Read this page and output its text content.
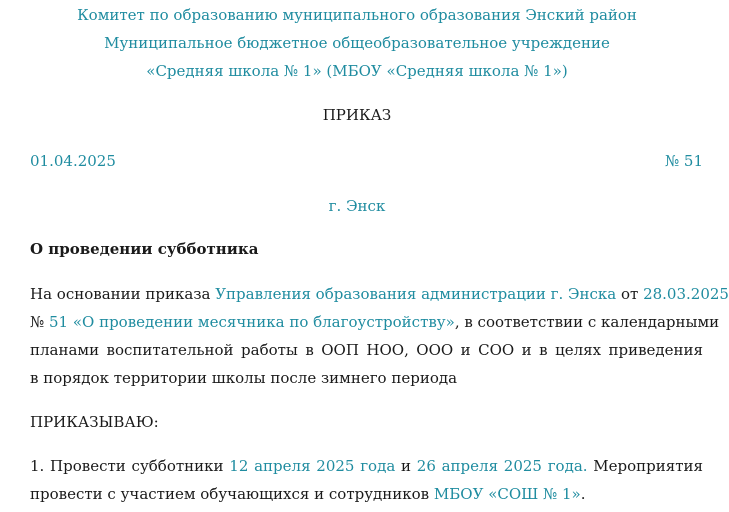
Комитет по образованию муниципального образования Энский район
Муниципальное бюджетное общеобразовательное учреждение
«Средняя школа № 1» (МБОУ «Средняя школа № 1»)
ПРИКАЗ
01.04.2025	№ 51
г. Энск
О проведении субботника
На основании приказа Управления образования администрации г. Энска от 28.03.2025
№ 51 «О проведении месячника по благоустройству», в соответствии с календарными
планами воспитательной работы в ООП НОО, ООО и СОО и в целях приведения
в порядок территории школы после зимнего периода
ПРИКАЗЫВАЮ:
1. Провести субботники 12 апреля 2025 года и 26 апреля 2025 года. Мероприятия
провести с участием обучающихся и сотрудников МБОУ «СОШ № 1».
